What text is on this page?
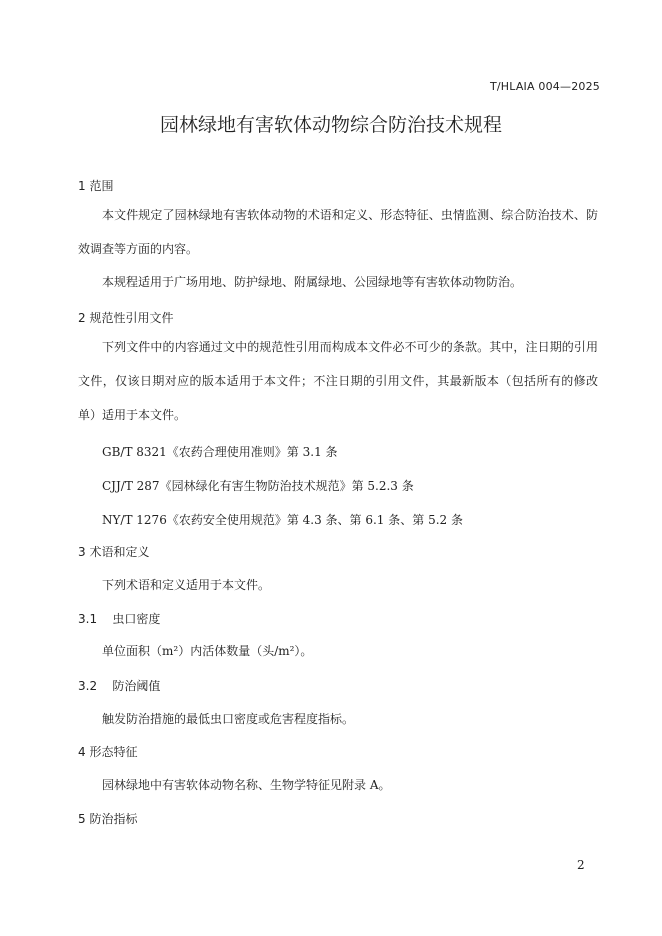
T/HLAIA 004—2025
园林绿地有害软体动物综合防治技术规程
1 范围
本文件规定了园林绿地有害软体动物的术语和定义、形态特征、虫情监测、综合防治技术、防效调查等方面的内容。
本规程适用于广场用地、防护绿地、附属绿地、公园绿地等有害软体动物防治。
2 规范性引用文件
下列文件中的内容通过文中的规范性引用而构成本文件必不可少的条款。其中，注日期的引用文件，仅该日期对应的版本适用于本文件；不注日期的引用文件，其最新版本（包括所有的修改单）适用于本文件。
GB/T 8321《农药合理使用准则》第 3.1 条
CJJ/T 287《园林绿化有害生物防治技术规范》第 5.2.3 条
NY/T 1276《农药安全使用规范》第 4.3 条、第 6.1 条、第 5.2 条
3 术语和定义
下列术语和定义适用于本文件。
3.1    虫口密度
单位面积（m²）内活体数量（头/m²）。
3.2    防治阈值
触发防治措施的最低虫口密度或危害程度指标。
4 形态特征
园林绿地中有害软体动物名称、生物学特征见附录 A。
5 防治指标
2
